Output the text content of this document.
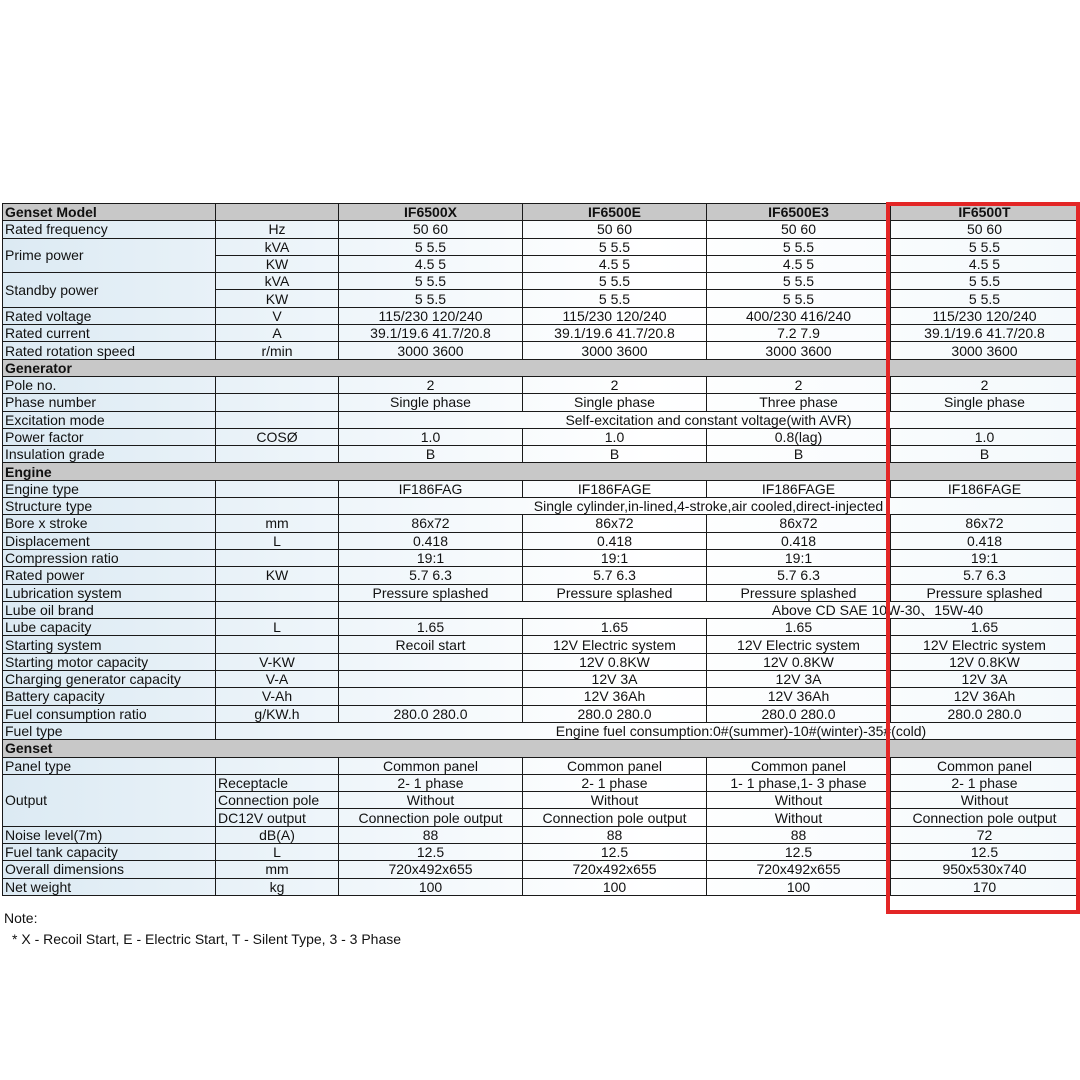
Genset Model		IF6500X	IF6500E	IF6500E3	IF6500T
Rated frequency	Hz	50 60	50 60	50 60	50 60
Prime power	kVA	5 5.5	5 5.5	5 5.5	5 5.5
	KW	4.5 5	4.5 5	4.5 5	4.5 5
Standby power	kVA	5 5.5	5 5.5	5 5.5	5 5.5
	KW	5 5.5	5 5.5	5 5.5	5 5.5
Rated voltage	V	115/230 120/240	115/230 120/240	400/230 416/240	115/230 120/240
Rated current	A	39.1/19.6 41.7/20.8	39.1/19.6 41.7/20.8	7.2 7.9	39.1/19.6 41.7/20.8
Rated rotation speed	r/min	3000 3600	3000 3600	3000 3600	3000 3600
Generator					
Pole no.		2	2	2	2
Phase number		Single phase	Single phase	Three phase	Single phase
Excitation mode		Self-excitation and constant voltage(with AVR)			
Power factor	COSØ	1.0	1.0	0.8(lag)	1.0
Insulation grade		B	B	B	B
Engine					
Engine type		IF186FAG	IF186FAGE	IF186FAGE	IF186FAGE
Structure type		Single cylinder,in-lined,4-stroke,air cooled,direct-injected			
Bore x stroke	mm	86x72	86x72	86x72	86x72
Displacement	L	0.418	0.418	0.418	0.418
Compression ratio		19:1	19:1	19:1	19:1
Rated power	KW	5.7 6.3	5.7 6.3	5.7 6.3	5.7 6.3
Lubrication system		Pressure splashed	Pressure splashed	Pressure splashed	Pressure splashed
Lube oil brand		Above CD SAE 10W-30、15W-40			
Lube capacity	L	1.65	1.65	1.65	1.65
Starting system		Recoil start	12V Electric system	12V Electric system	12V Electric system
Starting motor capacity	V-KW		12V 0.8KW	12V 0.8KW	12V 0.8KW
Charging generator capacity	V-A		12V 3A	12V 3A	12V 3A
Battery capacity	V-Ah		12V 36Ah	12V 36Ah	12V 36Ah
Fuel consumption ratio	g/KW.h	280.0 280.0	280.0 280.0	280.0 280.0	280.0 280.0
Fuel type	Engine fuel consumption:0#(summer)-10#(winter)-35#(cold)				
Genset					
Panel type		Common panel	Common panel	Common panel	Common panel
Output	Receptacle	2- 1 phase	2- 1 phase	1- 1 phase,1- 3 phase	2- 1 phase
	Connection pole	Without	Without	Without	Without
	DC12V output	Connection pole output	Connection pole output	Without	Connection pole output
Noise level(7m)	dB(A)	88	88	88	72
Fuel tank capacity	L	12.5	12.5	12.5	12.5
Overall dimensions	mm	720x492x655	720x492x655	720x492x655	950x530x740
Net weight	kg	100	100	100	170
Note:
* X - Recoil Start, E - Electric Start, T - Silent Type, 3 - 3 Phase
